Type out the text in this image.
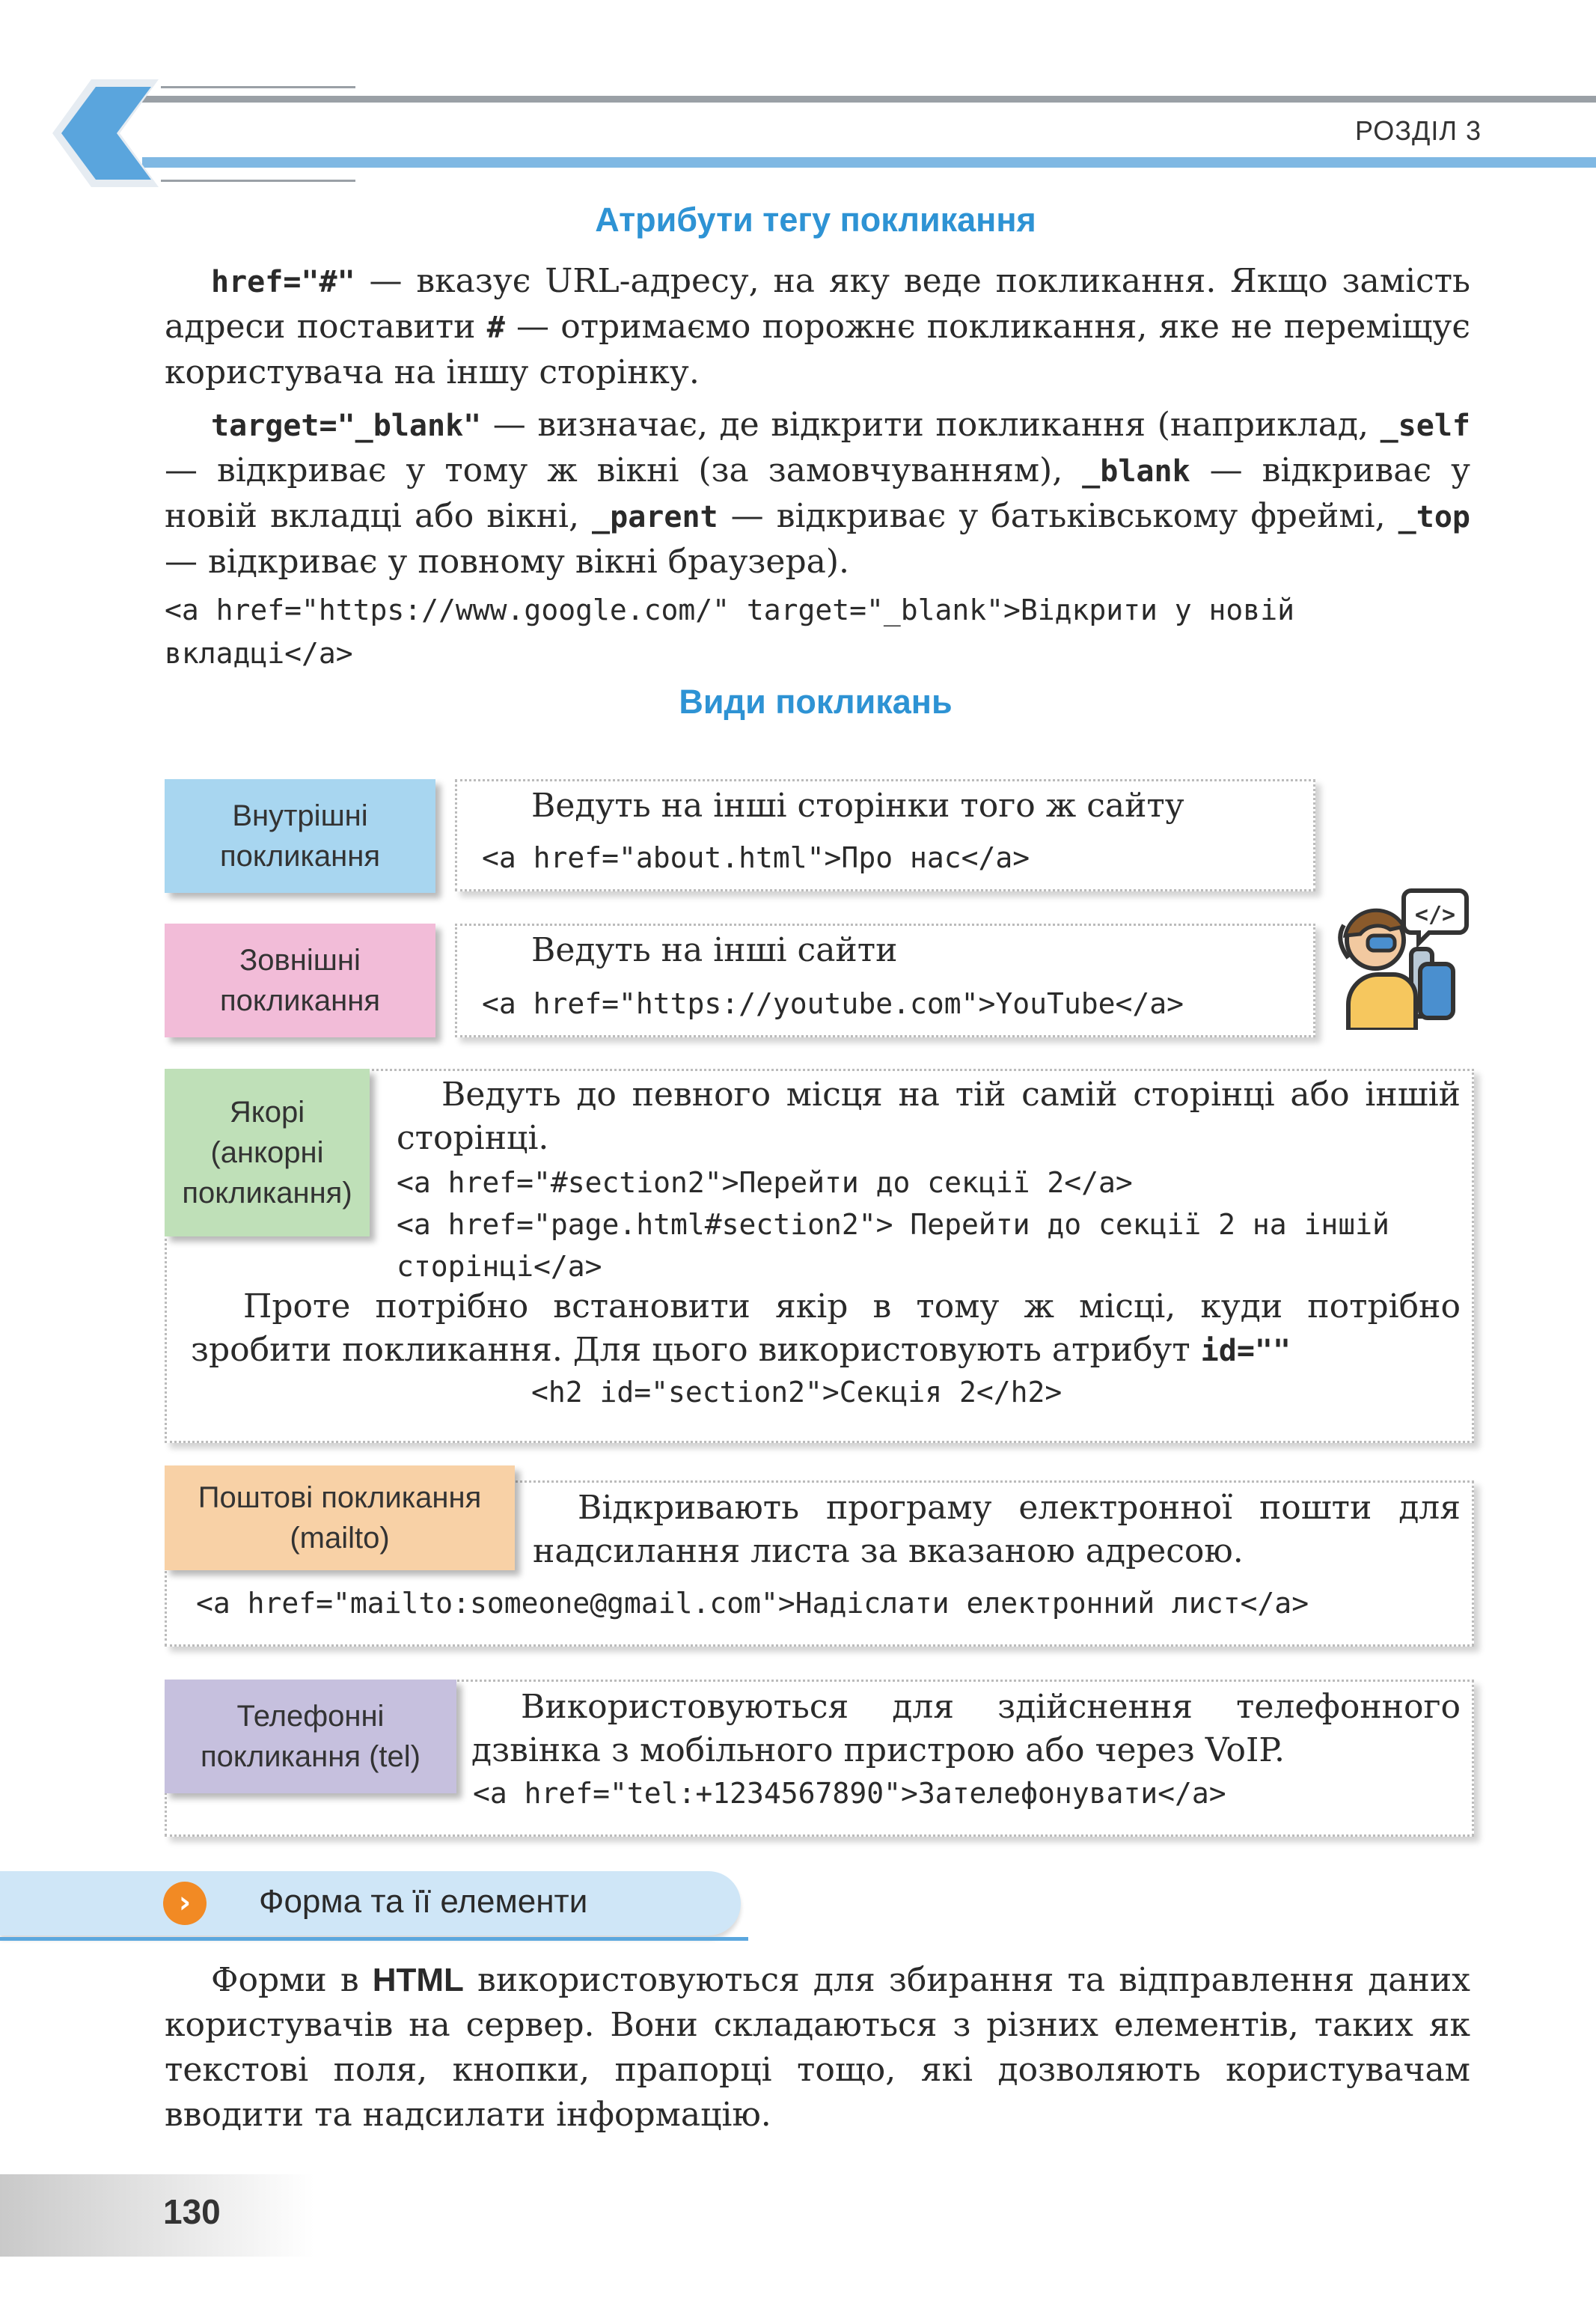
РОЗДІЛ 3
Атрибути тегу покликання
href="#" — вказує URL-адресу, на яку веде покликання. Якщо замість адреси поставити # — отримаємо порожнє покликання, яке не переміщує користувача на іншу сторінку.
target="_blank" — визначає, де відкрити покликання (наприклад, _self — відкриває у тому ж вікні (за замовчуванням), _blank — відкриває у новій вкладці або вікні, _parent — відкриває у батьківському фреймі, _top — відкриває у повному вікні браузера).
<a href="https://www.google.com/" target="_blank">Відкрити у новій вкладці</a>
Види покликань
Внутрішні покликання
Ведуть на інші сторінки того ж сайту
<a href="about.html">Про нас</a>
Зовнішні покликання
Ведуть на інші сайти
<a href="https://youtube.com">YouTube</a>
</>
Якорі (анкорні покликання)
Ведуть до певного місця на тій самій сторінці або іншій сторінці.
<a href="#section2">Перейти до секції 2</a>
<a href="page.html#section2"> Перейти до секції 2 на іншій сторінці</a>
Проте потрібно встановити якір в тому ж місці, куди потрібно зробити покликання. Для цього використовують атрибут id=""
<h2 id="section2">Секція 2</h2>
Поштові покликання (mailto)
Відкривають програму електронної пошти для надсилання листа за вказаною адресою.
<a href="mailto:someone@gmail.com">Надіслати електронний лист</a>
Телефонні покликання (tel)
Використовуються для здійснення телефонного дзвінка з мобільного пристрою або через VoIP.
<a href="tel:+1234567890">Зателефонувати</a>
›	Форма та її елементи
Форми в HTML використовуються для збирання та відправлення даних користувачів на сервер. Вони складаються з різних елементів, таких як текстові поля, кнопки, прапорці тощо, які дозволяють користувачам вводити та надсилати інформацію.
130
